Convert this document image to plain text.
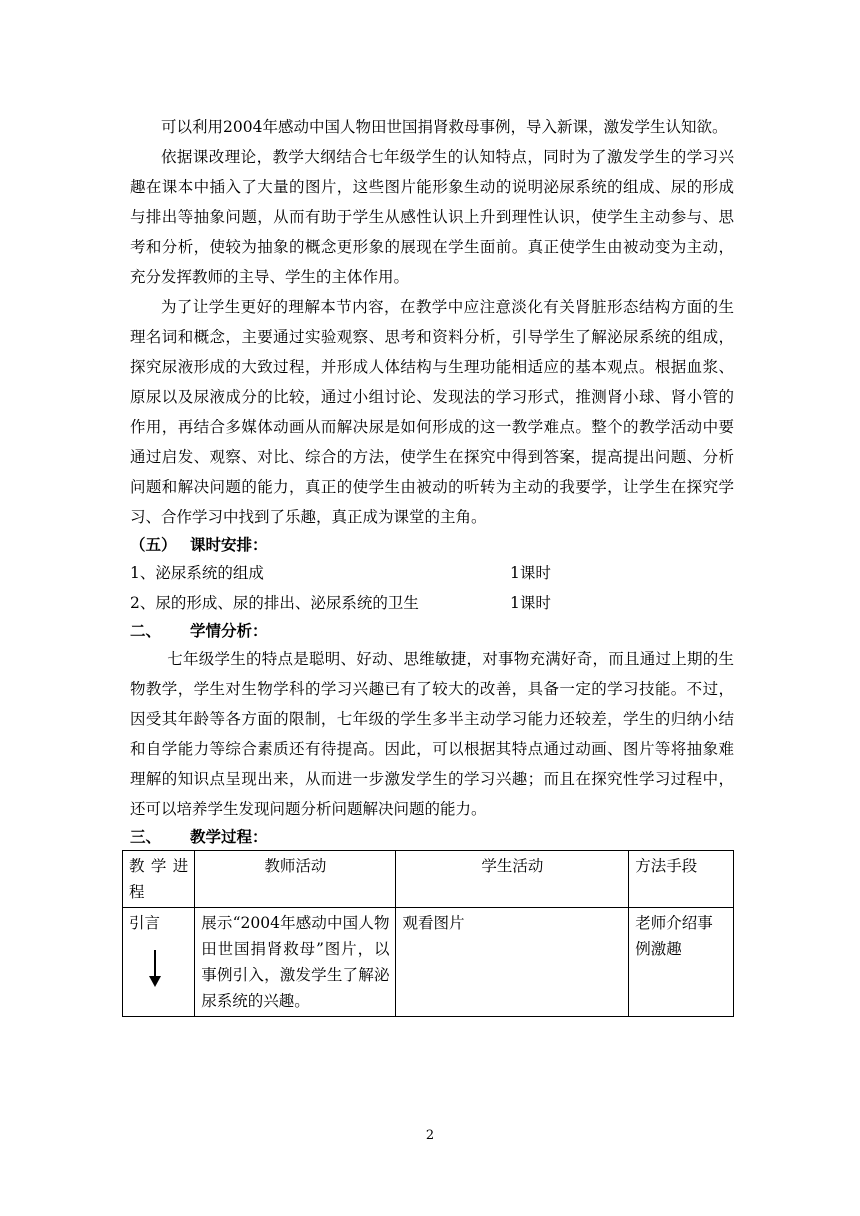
可以利用2004年感动中国人物田世国捐肾救母事例，导入新课，激发学生认知欲。

依据课改理论，教学大纲结合七年级学生的认知特点，同时为了激发学生的学习兴趣在课本中插入了大量的图片，这些图片能形象生动的说明泌尿系统的组成、尿的形成与排出等抽象问题，从而有助于学生从感性认识上升到理性认识，使学生主动参与、思考和分析，使较为抽象的概念更形象的展现在学生面前。真正使学生由被动变为主动，充分发挥教师的主导、学生的主体作用。

为了让学生更好的理解本节内容，在教学中应注意淡化有关肾脏形态结构方面的生理名词和概念，主要通过实验观察、思考和资料分析，引导学生了解泌尿系统的组成，探究尿液形成的大致过程，并形成人体结构与生理功能相适应的基本观点。根据血浆、原尿以及尿液成分的比较，通过小组讨论、发现法的学习形式，推测肾小球、肾小管的作用，再结合多媒体动画从而解决尿是如何形成的这一教学难点。整个的教学活动中要通过启发、观察、对比、综合的方法，使学生在探究中得到答案，提高提出问题、分析问题和解决问题的能力，真正的使学生由被动的听转为主动的我要学，让学生在探究学习、合作学习中找到了乐趣，真正成为课堂的主角。

（五） 课时安排：
1、泌尿系统的组成	1课时
2、尿的形成、尿的排出、泌尿系统的卫生	1课时
二、 学情分析：

七年级学生的特点是聪明、好动、思维敏捷，对事物充满好奇，而且通过上期的生物教学，学生对生物学科的学习兴趣已有了较大的改善，具备一定的学习技能。不过，因受其年龄等各方面的限制，七年级的学生多半主动学习能力还较差，学生的归纳小结和自学能力等综合素质还有待提高。因此，可以根据其特点通过动画、图片等将抽象难理解的知识点呈现出来，从而进一步激发学生的学习兴趣；而且在探究性学习过程中，还可以培养学生发现问题分析问题解决问题的能力。

三、 教学过程：
教学进程	教师活动	学生活动	方法手段

引言	展示“2004年感动中国人物田世国捐肾救母”图片，以事例引入，激发学生了解泌尿系统的兴趣。	观看图片	老师介绍事例激趣
2
